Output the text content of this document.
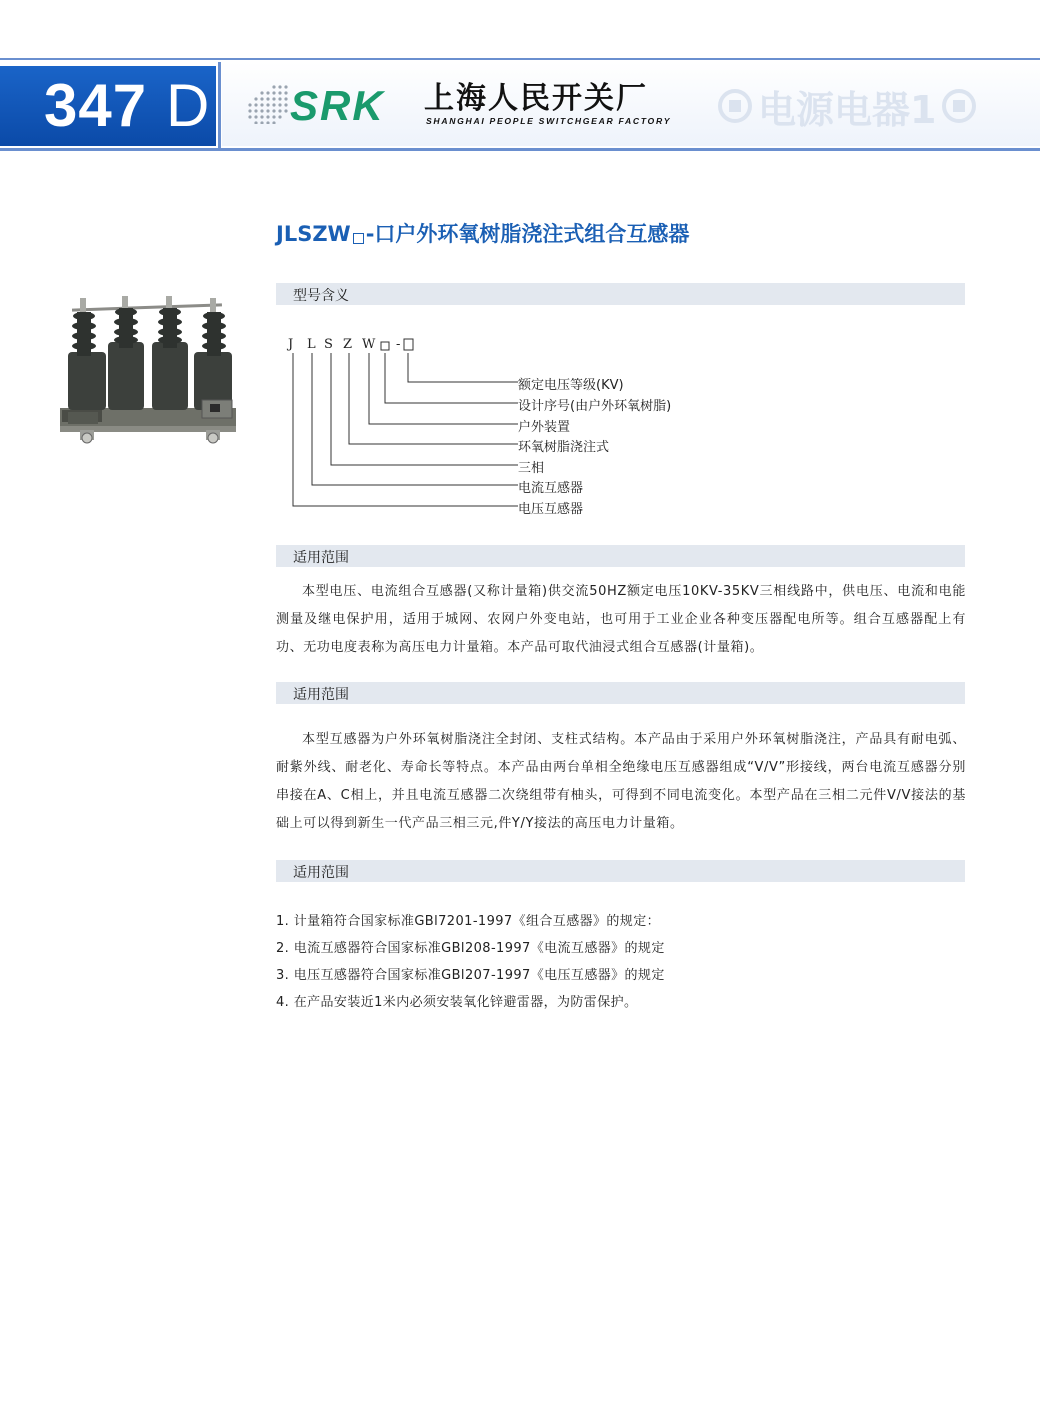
347 D SRK 上海人民开关厂
SHANGHAI PEOPLE SWITCHGEAR FACTORY 电源电器1
JLSZW -口户外环氧树脂浇注式组合互感器
型号含义
J L S Z W -
额定电压等级(KV)
设计序号(由户外环氧树脂)
户外装置
环氧树脂浇注式
三相
电流互感器
电压互感器
适用范围
本型电压、电流组合互感器(又称计量箱)供交流50HZ额定电压10KV-35KV三相线路中，供电压、电流和电能测量及继电保护用，适用于城网、农网户外变电站，也可用于工业企业各种变压器配电所等。组合互感器配上有功、无功电度表称为高压电力计量箱。本产品可取代油浸式组合互感器(计量箱)。
适用范围
本型互感器为户外环氧树脂浇注全封闭、支柱式结构。本产品由于采用户外环氧树脂浇注，产品具有耐电弧、耐紫外线、耐老化、寿命长等特点。本产品由两台单相全绝缘电压互感器组成“V/V”形接线，两台电流互感器分别串接在A、C相上，并且电流互感器二次绕组带有柚头，可得到不同电流变化。本型产品在三相二元件V/V接法的基础上可以得到新生一代产品三相三元,件Y/Y接法的高压电力计量箱。
适用范围
1. 计量箱符合国家标准GBl7201-1997《组合互感器》的规定：
2. 电流互感器符合国家标准GBl208-1997《电流互感器》的规定
3. 电压互感器符合国家标准GBl207-1997《电压互感器》的规定
4. 在产品安装近1米内必须安装氧化锌避雷器，为防雷保护。
